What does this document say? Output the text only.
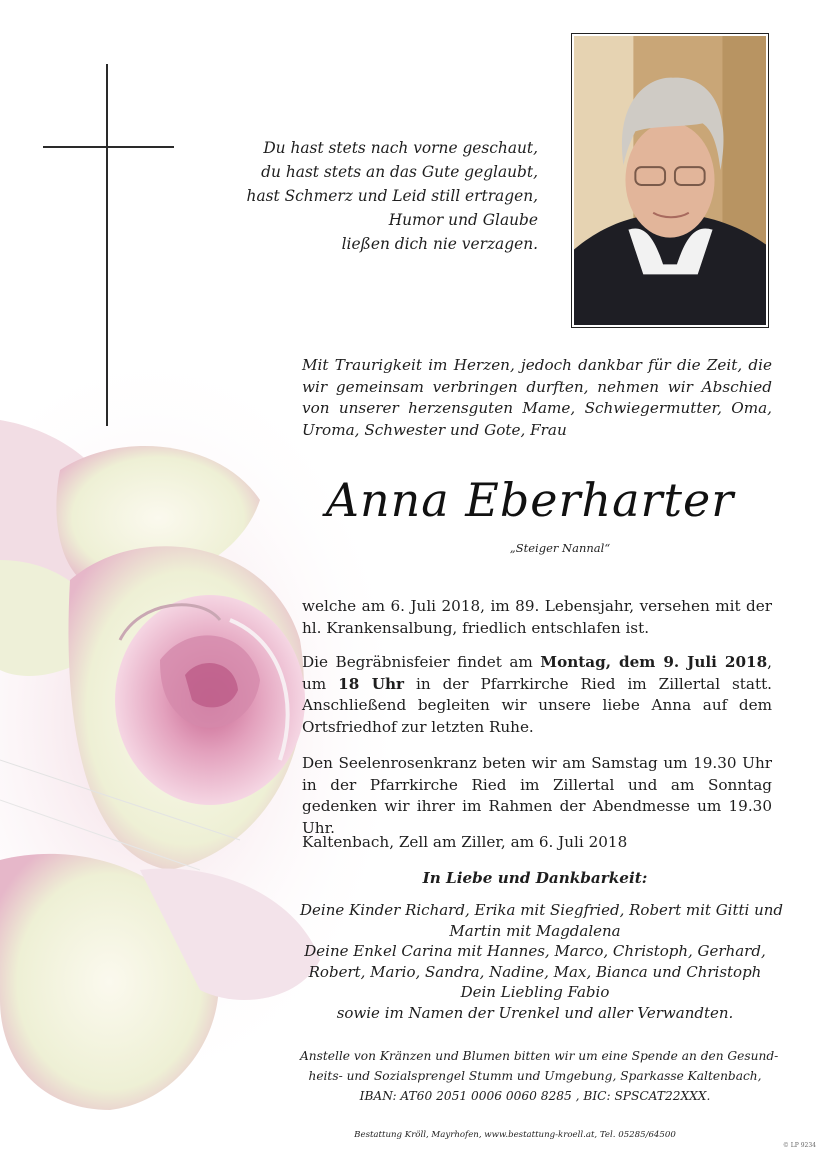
Du hast stets nach vorne geschaut,
du hast stets an das Gute geglaubt,
hast Schmerz und Leid still ertragen,
Humor und Glaube
ließen dich nie verzagen.
Mit Traurigkeit im Herzen, jedoch dankbar für die Zeit, die wir gemeinsam verbringen durften, nehmen wir Abschied von unserer herzensguten Mame, Schwiegermutter, Oma, Uroma, Schwester und Gote, Frau
Anna Eberharter
„Steiger Nannal“
welche am 6. Juli 2018, im 89. Lebensjahr, versehen mit der hl. Krankensalbung, friedlich entschlafen ist.
Die Begräbnisfeier findet am Montag, dem 9. Juli 2018, um 18 Uhr in der Pfarrkirche Ried im Zillertal statt. Anschließend begleiten wir unsere liebe Anna auf dem Ortsfriedhof zur letzten Ruhe.
Den Seelenrosenkranz beten wir am Samstag um 19.30 Uhr in der Pfarrkirche Ried im Zillertal und am Sonntag gedenken wir ihrer im Rahmen der Abendmesse um 19.30 Uhr.
Kaltenbach, Zell am Ziller, am 6. Juli 2018
In Liebe und Dankbarkeit:
Deine Kinder Richard, Erika mit Siegfried, Robert mit Gitti und
Martin mit Magdalena
Deine Enkel Carina mit Hannes, Marco, Christoph, Gerhard,
Robert, Mario, Sandra, Nadine, Max, Bianca und Christoph
Dein Liebling Fabio
sowie im Namen der Urenkel und aller Verwandten.
Anstelle von Kränzen und Blumen bitten wir um eine Spende an den Gesund-
heits- und Sozialsprengel Stumm und Umgebung, Sparkasse Kaltenbach,
IBAN: AT60 2051 0006 0060 8285 , BIC: SPSCAT22XXX.
Bestattung Kröll, Mayrhofen, www.bestattung-kroell.at, Tel. 05285/64500
© LP 9234
